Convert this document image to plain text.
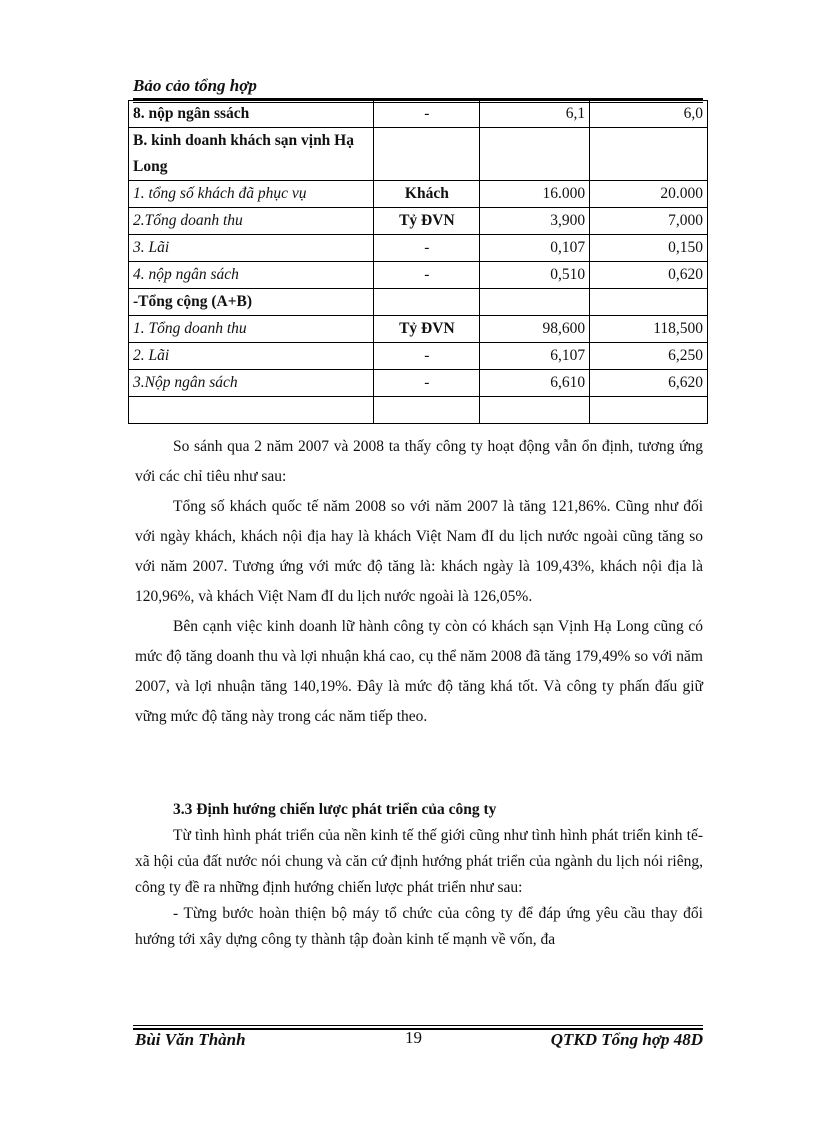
Bảo cảo tổng hợp
8. nộp ngân ssách	-	6,1	6,0
B. kinh doanh khách sạn vịnh Hạ Long			
1. tổng số khách đã phục vụ	Khách	16.000	20.000
2.Tổng doanh thu	Tỷ ĐVN	3,900	7,000
3. Lãi	-	0,107	0,150
4. nộp ngân sách	-	0,510	0,620
-Tổng cộng (A+B)			
1. Tổng doanh thu	Tỷ ĐVN	98,600	118,500
2. Lãi	-	6,107	6,250
3.Nộp ngân sách	-	6,610	6,620

So sánh qua 2 năm 2007 và 2008 ta thấy công ty hoạt động vẫn ổn định, tương ứng với các chỉ tiêu như sau:

Tổng số khách quốc tế năm 2008 so với năm 2007 là tăng 121,86%. Cũng như đối với ngày khách, khách nội địa hay là khách Việt Nam đI du lịch nước ngoài cũng tăng so với năm 2007. Tương ứng với mức độ tăng là: khách ngày là 109,43%, khách nội địa là 120,96%, và khách Việt Nam đI du lịch nước ngoài là 126,05%.

Bên cạnh việc kinh doanh lữ hành công ty còn có khách sạn Vịnh Hạ Long cũng có mức độ tăng doanh thu và lợi nhuận khá cao, cụ thể năm 2008 đã tăng 179,49% so với năm 2007, và lợi nhuận tăng 140,19%. Đây là mức độ tăng khá tốt. Và công ty phấn đấu giữ vững mức độ tăng này trong các năm tiếp theo.

3.3 Định hướng chiến lược phát triển của công ty

Từ tình hình phát triển của nền kinh tế thế giới cũng như tình hình phát triển kinh tế-xã hội của đất nước nói chung và căn cứ định hướng phát triển của ngành du lịch nói riêng, công ty đề ra những định hướng chiến lược phát triển như sau:

- Từng bước hoàn thiện bộ máy tổ chức của công ty để đáp ứng yêu cầu thay đổi hướng tới xây dựng công ty thành tập đoàn kinh tế mạnh về vốn, đa

Bùi Văn Thành	19	QTKD Tổng hợp 48D
